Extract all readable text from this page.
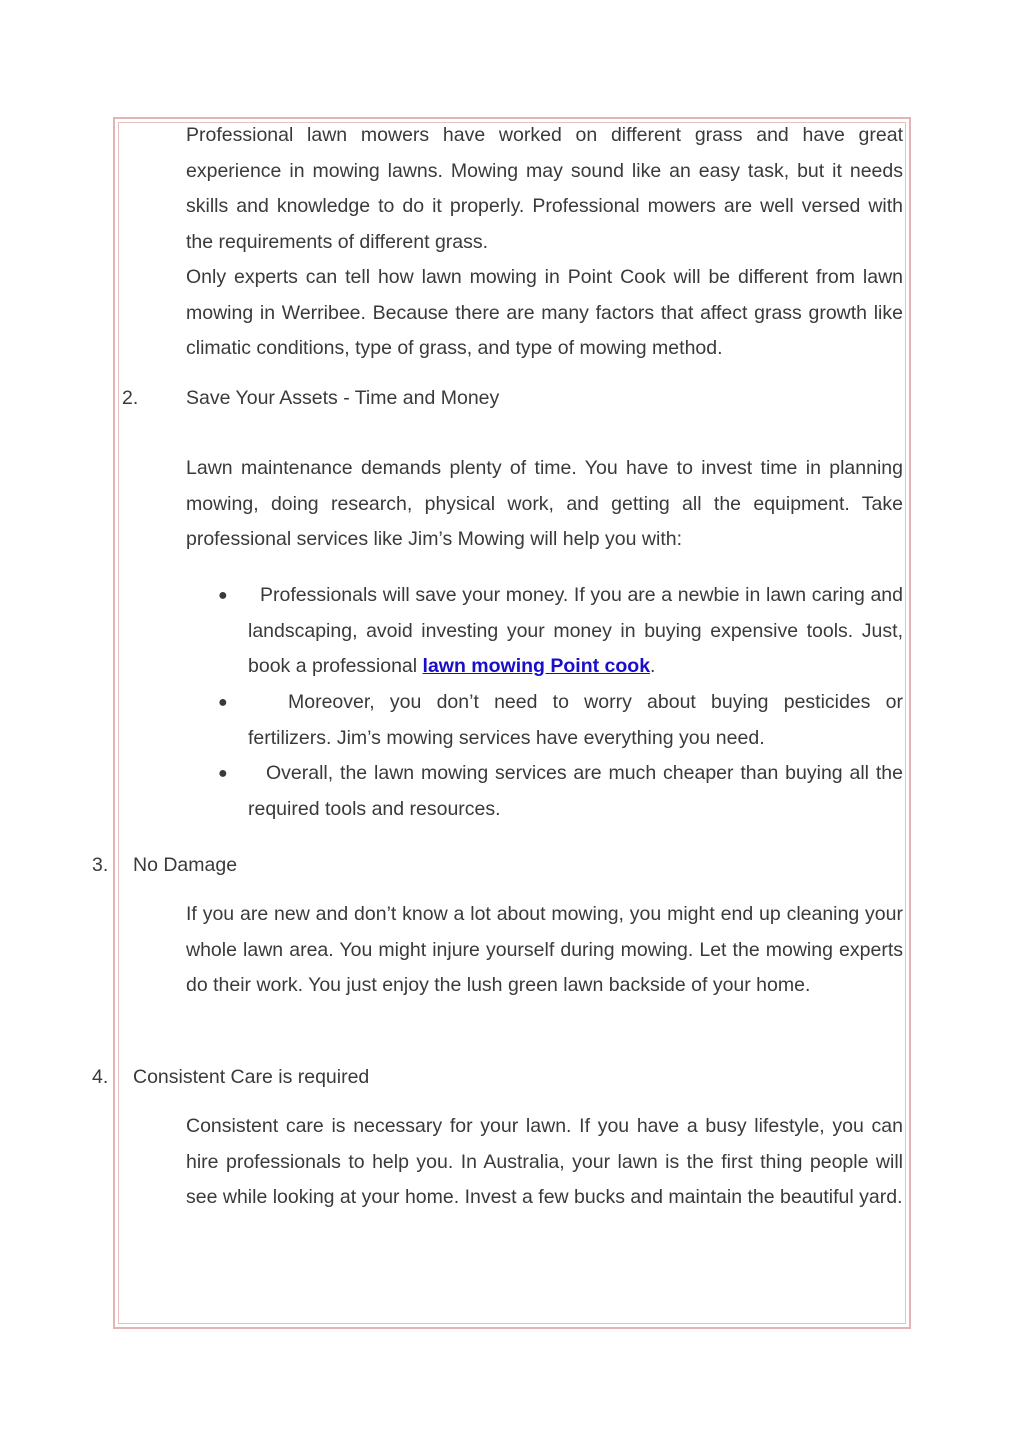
Professional lawn mowers have worked on different grass and have great experience in mowing lawns. Mowing may sound like an easy task, but it needs skills and knowledge to do it properly. Professional mowers are well versed with the requirements of different grass.

Only experts can tell how lawn mowing in Point Cook will be different from lawn mowing in Werribee. Because there are many factors that affect grass growth like climatic conditions, type of grass, and type of mowing method.

2. Save Your Assets - Time and Money

Lawn maintenance demands plenty of time. You have to invest time in planning mowing, doing research, physical work, and getting all the equipment. Take professional services like Jim’s Mowing will help you with:

●	Professionals will save your money. If you are a newbie in lawn caring and landscaping, avoid investing your money in buying expensive tools. Just, book a professional lawn mowing Point cook.

●	Moreover, you don’t need to worry about buying pesticides or fertilizers. Jim’s mowing services have everything you need.

●	Overall, the lawn mowing services are much cheaper than buying all the required tools and resources.

3. No Damage

If you are new and don’t know a lot about mowing, you might end up cleaning your whole lawn area. You might injure yourself during mowing. Let the mowing experts do their work. You just enjoy the lush green lawn backside of your home.

4. Consistent Care is required

Consistent care is necessary for your lawn. If you have a busy lifestyle, you can hire professionals to help you. In Australia, your lawn is the first thing people will see while looking at your home. Invest a few bucks and maintain the beautiful yard.
